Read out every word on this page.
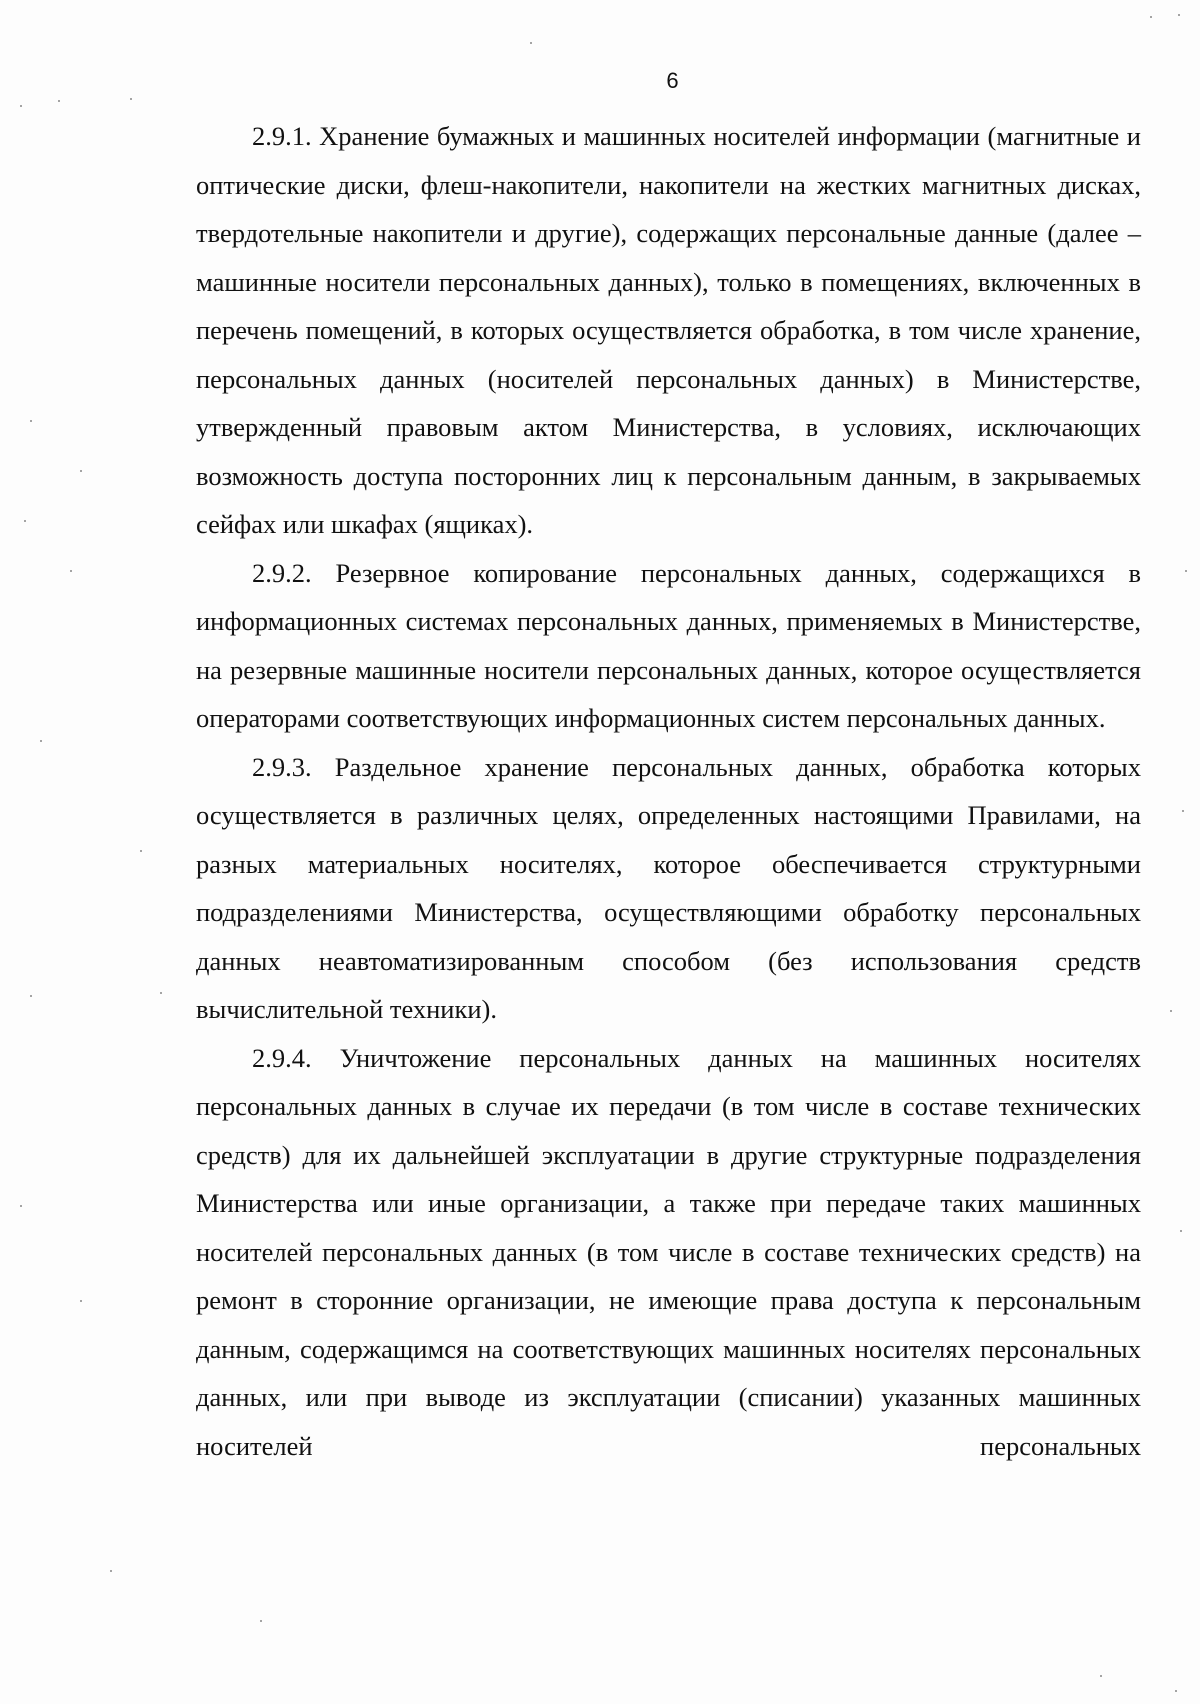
6

2.9.1. Хранение бумажных и машинных носителей информации (магнитные и оптические диски, флеш-накопители, накопители на жестких магнитных дисках, твердотельные накопители и другие), содержащих персональные данные (далее – машинные носители персональных данных), только в помещениях, включенных в перечень помещений, в которых осуществляется обработка, в том числе хранение, персональных данных (носителей персональных данных) в Министерстве, утвержденный правовым актом Министерства, в условиях, исключающих возможность доступа посторонних лиц к персональным данным, в закрываемых сейфах или шкафах (ящиках).

2.9.2. Резервное копирование персональных данных, содержащихся в информационных системах персональных данных, применяемых в Министерстве, на резервные машинные носители персональных данных, которое осуществляется операторами соответствующих информационных систем персональных данных.

2.9.3. Раздельное хранение персональных данных, обработка которых осуществляется в различных целях, определенных настоящими Правилами, на разных материальных носителях, которое обеспечивается структурными подразделениями Министерства, осуществляющими обработку персональных данных неавтоматизированным способом (без использования средств вычислительной техники).

2.9.4. Уничтожение персональных данных на машинных носителях персональных данных в случае их передачи (в том числе в составе технических средств) для их дальнейшей эксплуатации в другие структурные подразделения Министерства или иные организации, а также при передаче таких машинных носителей персональных данных (в том числе в составе технических средств) на ремонт в сторонние организации, не имеющие права доступа к персональным данным, содержащимся на соответствующих машинных носителях персональных данных, или при выводе из эксплуатации (списании) указанных машинных носителей персональных
